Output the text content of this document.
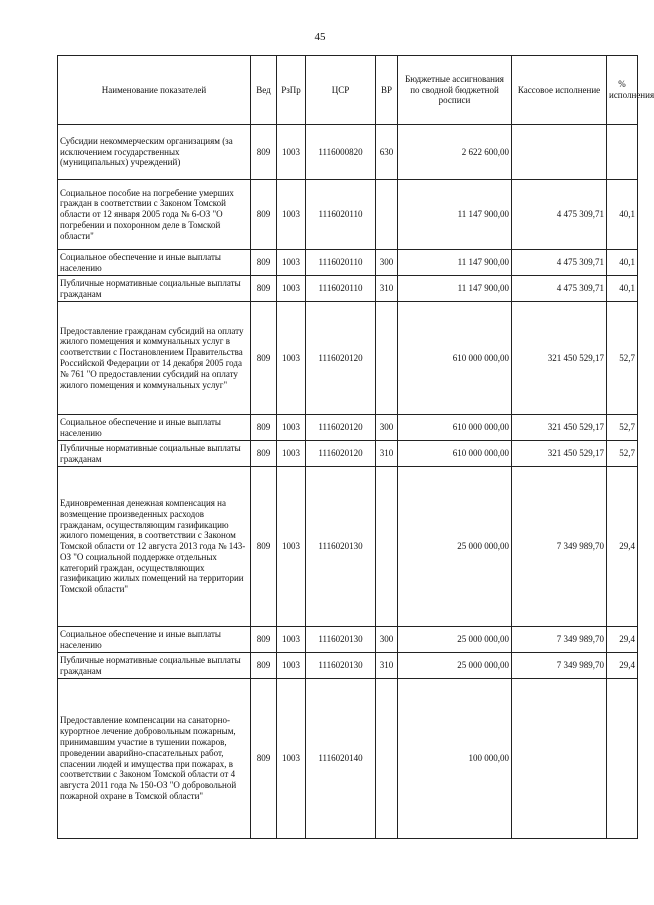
45
Наименование показателей	Вед	РзПр	ЦСР	ВР	Бюджетные ассигнования по сводной бюджетной росписи	Кассовое исполнение	% исполнения
Субсидии некоммерческим организациям (за исключением государственных (муниципальных) учреждений)	809	1003	1116000820	630	2 622 600,00		
Социальное пособие на погребение умерших граждан в соответствии с Законом Томской области от 12 января 2005 года № 6-ОЗ "О погребении и похоронном деле в Томской области"	809	1003	1116020110		11 147 900,00	4 475 309,71	40,1
Социальное обеспечение и иные выплаты населению	809	1003	1116020110	300	11 147 900,00	4 475 309,71	40,1
Публичные нормативные социальные выплаты гражданам	809	1003	1116020110	310	11 147 900,00	4 475 309,71	40,1
Предоставление гражданам субсидий на оплату жилого помещения и коммунальных услуг в соответствии с Постановлением Правительства Российской Федерации от 14 декабря 2005 года № 761 "О предоставлении субсидий на оплату жилого помещения и коммунальных услуг"	809	1003	1116020120		610 000 000,00	321 450 529,17	52,7
Социальное обеспечение и иные выплаты населению	809	1003	1116020120	300	610 000 000,00	321 450 529,17	52,7
Публичные нормативные социальные выплаты гражданам	809	1003	1116020120	310	610 000 000,00	321 450 529,17	52,7
Единовременная денежная компенсация на возмещение произведенных расходов гражданам, осуществляющим газификацию жилого помещения, в соответствии с Законом Томской области от 12 августа 2013 года № 143-ОЗ "О социальной поддержке отдельных категорий граждан, осуществляющих газификацию жилых помещений на территории Томской области"	809	1003	1116020130		25 000 000,00	7 349 989,70	29,4
Социальное обеспечение и иные выплаты населению	809	1003	1116020130	300	25 000 000,00	7 349 989,70	29,4
Публичные нормативные социальные выплаты гражданам	809	1003	1116020130	310	25 000 000,00	7 349 989,70	29,4
Предоставление компенсации на санаторно-курортное лечение добровольным пожарным, принимавшим участие в тушении пожаров, проведении аварийно-спасательных работ, спасении людей и имущества при пожарах, в соответствии с Законом Томской области от 4 августа 2011 года № 150-ОЗ "О добровольной пожарной охране в Томской области"	809	1003	1116020140		100 000,00		
